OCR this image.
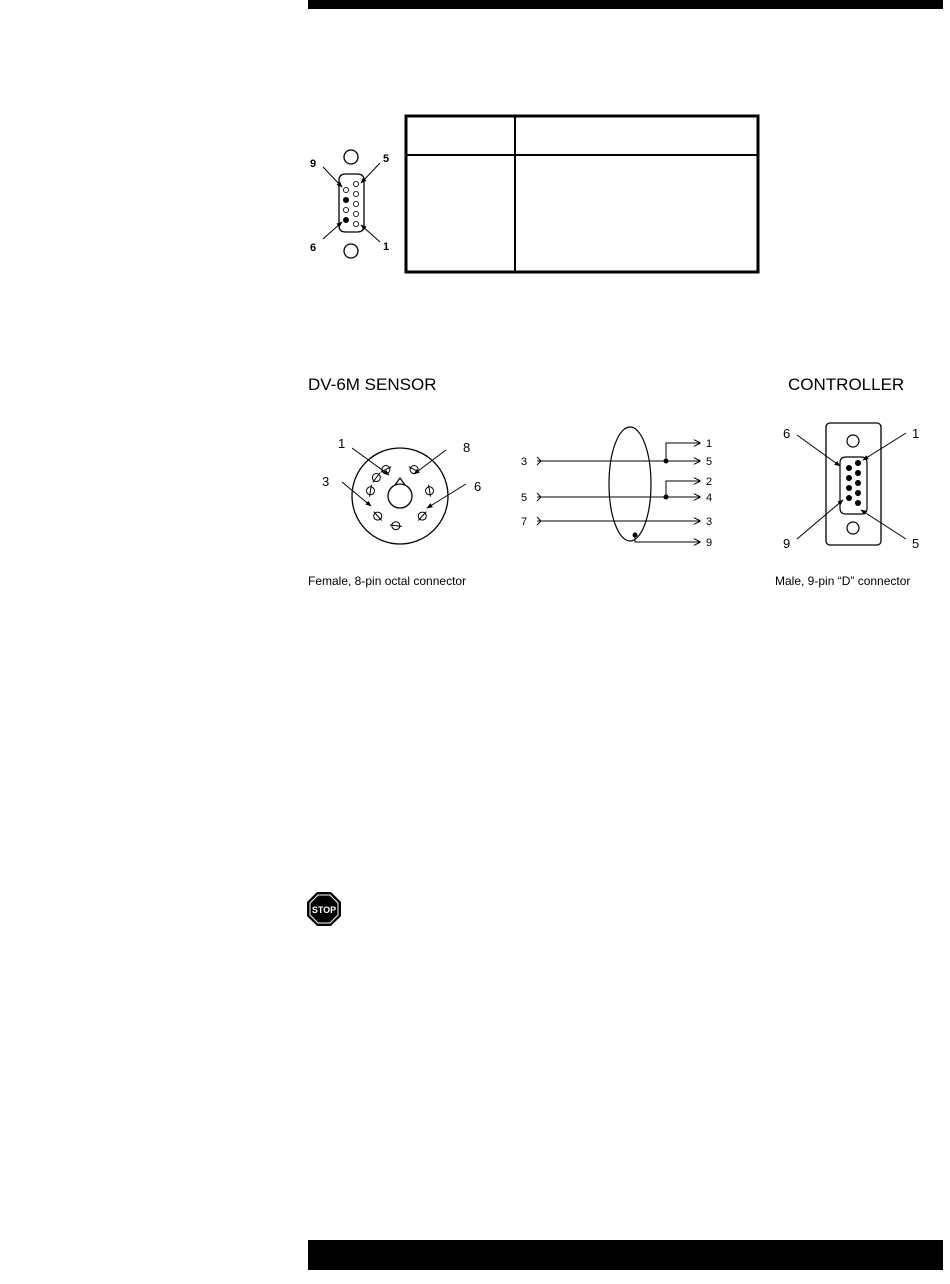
9	5
6	1
DV-6M SENSOR	CONTROLLER
1	8
3	6
Female, 8-pin octal connector
3
5
7
1
5
2
4
3
9
6	1
9	5
Male, 9-pin “D” connector
STOP
